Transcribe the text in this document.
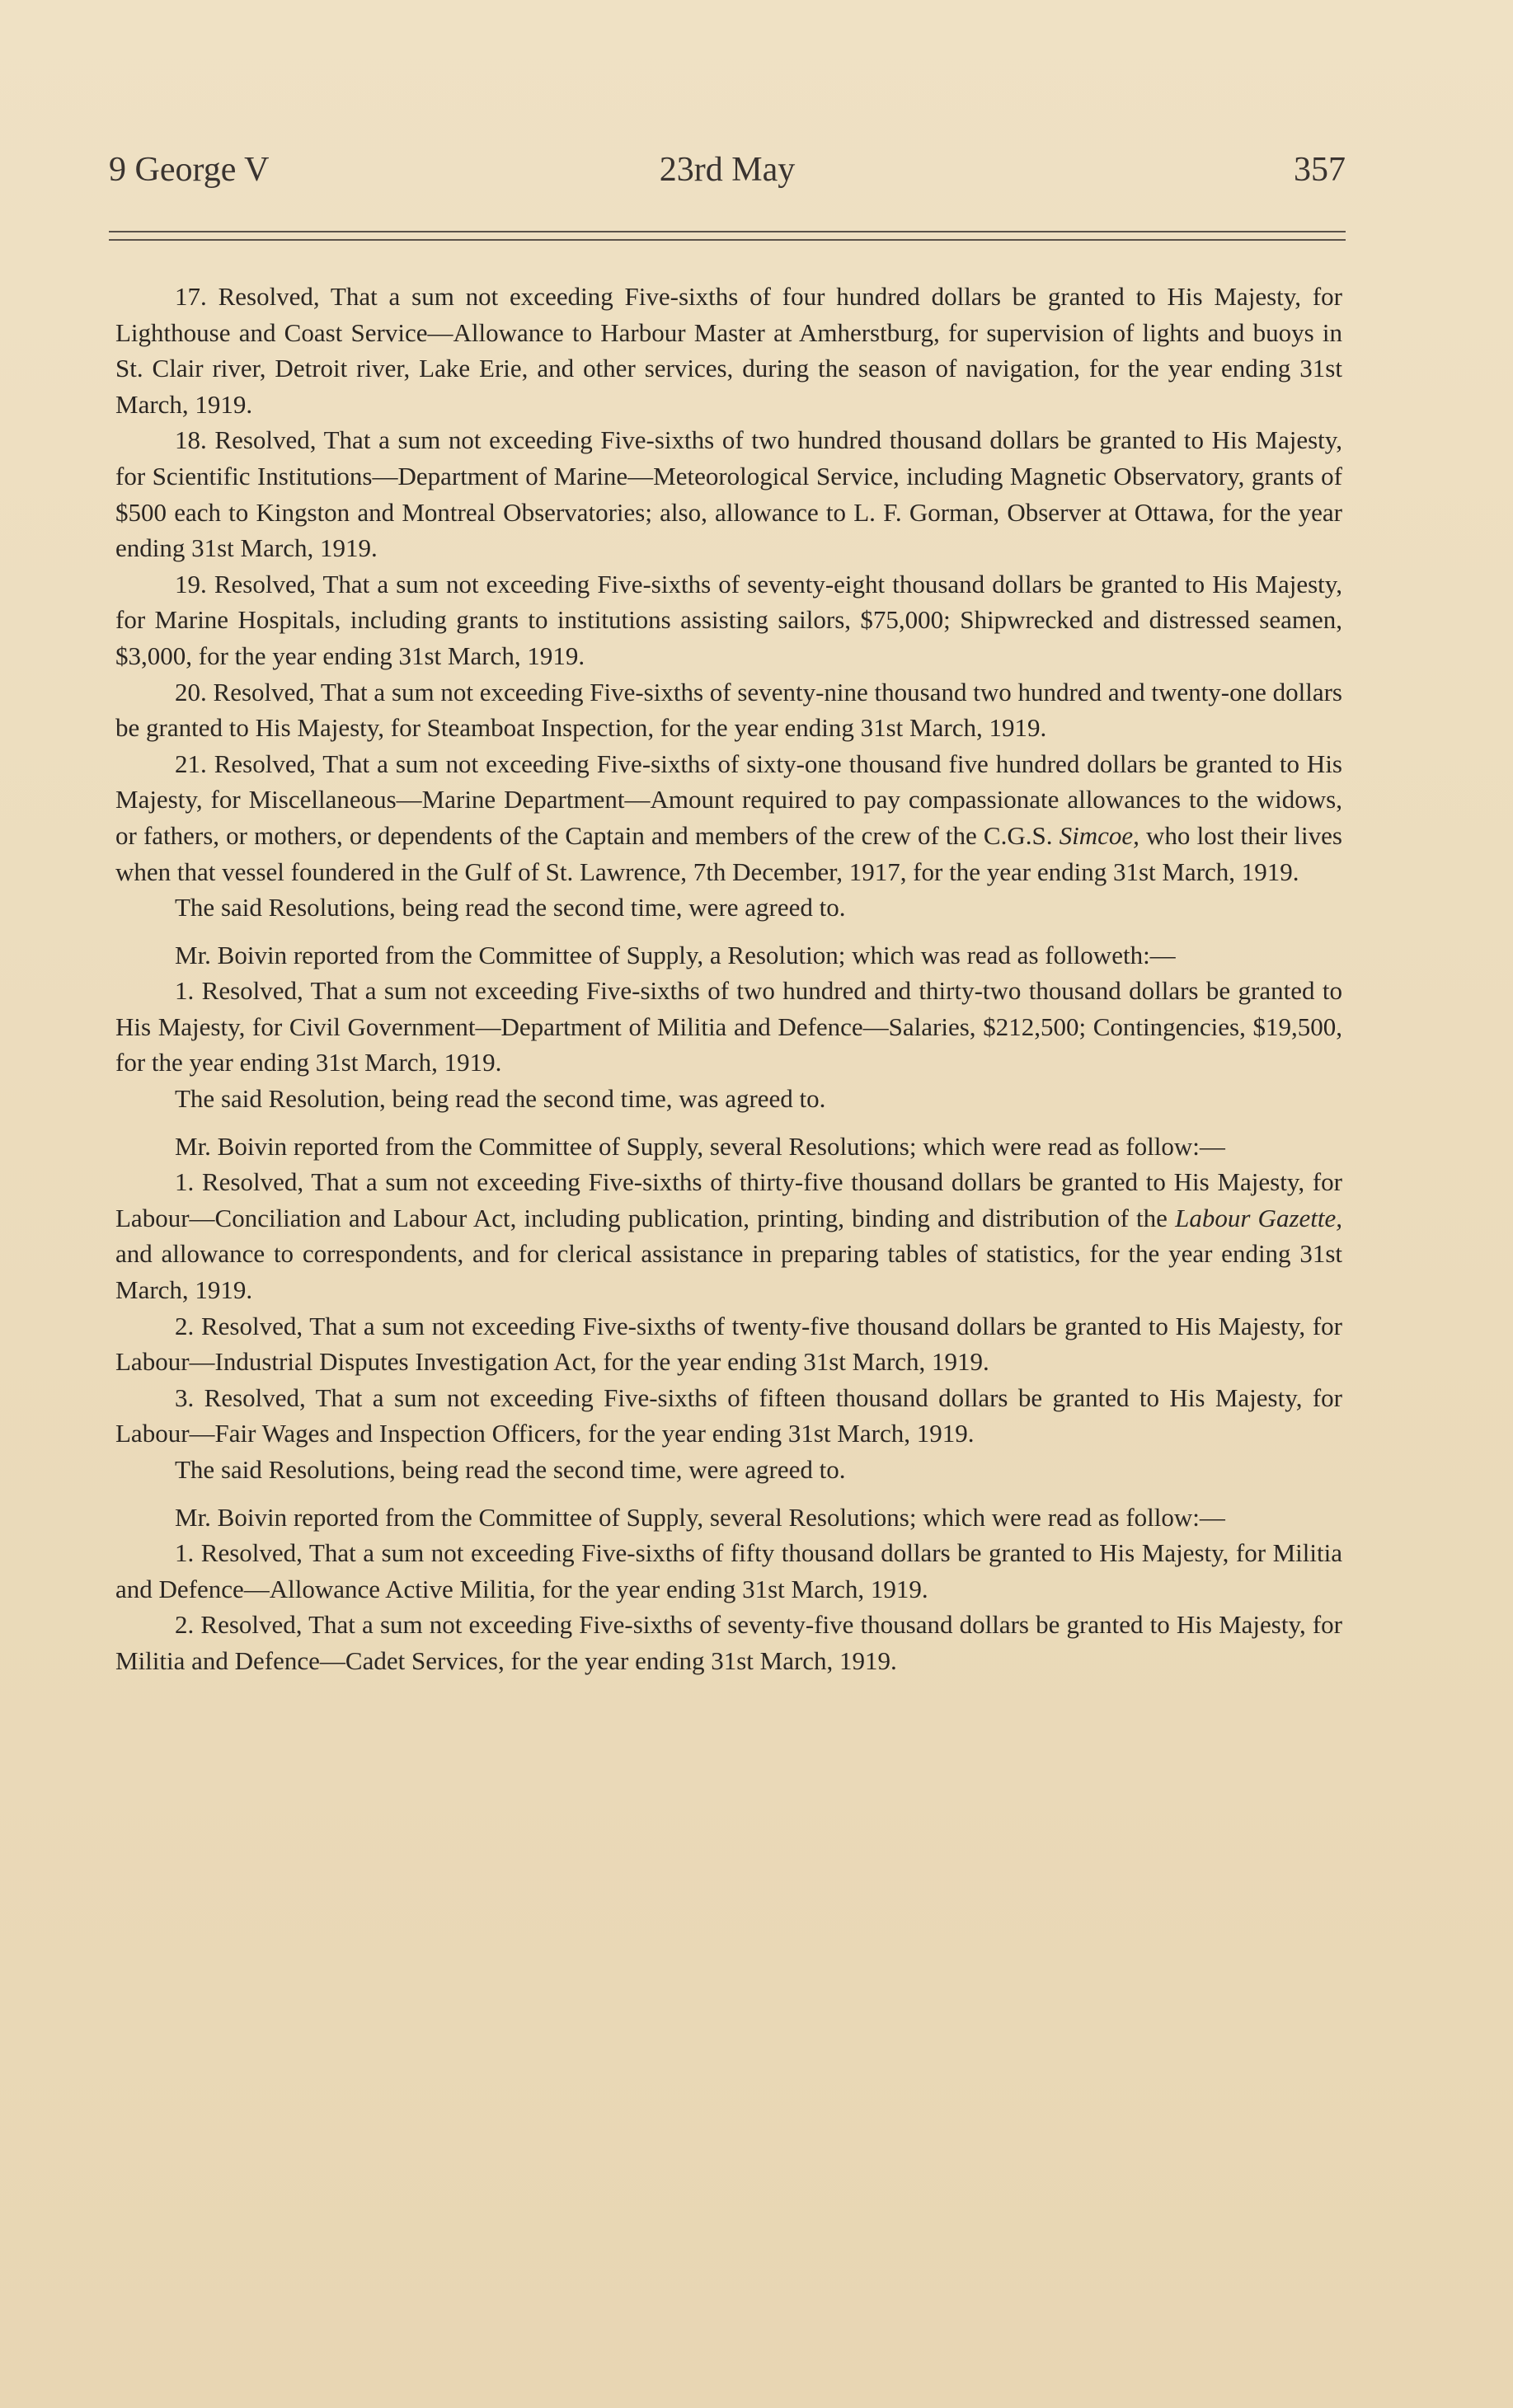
9 George V	23rd May	357

17. Resolved, That a sum not exceeding Five-sixths of four hundred dollars be granted to His Majesty, for Lighthouse and Coast Service—Allowance to Harbour Master at Amherstburg, for supervision of lights and buoys in St. Clair river, Detroit river, Lake Erie, and other services, during the season of navigation, for the year ending 31st March, 1919.

18. Resolved, That a sum not exceeding Five-sixths of two hundred thousand dollars be granted to His Majesty, for Scientific Institutions—Department of Marine—Meteorological Service, including Magnetic Observatory, grants of $500 each to Kingston and Montreal Observatories; also, allowance to L. F. Gorman, Observer at Ottawa, for the year ending 31st March, 1919.

19. Resolved, That a sum not exceeding Five-sixths of seventy-eight thousand dollars be granted to His Majesty, for Marine Hospitals, including grants to institutions assisting sailors, $75,000; Shipwrecked and distressed seamen, $3,000, for the year ending 31st March, 1919.

20. Resolved, That a sum not exceeding Five-sixths of seventy-nine thousand two hundred and twenty-one dollars be granted to His Majesty, for Steamboat Inspection, for the year ending 31st March, 1919.

21. Resolved, That a sum not exceeding Five-sixths of sixty-one thousand five hundred dollars be granted to His Majesty, for Miscellaneous—Marine Department—Amount required to pay compassionate allowances to the widows, or fathers, or mothers, or dependents of the Captain and members of the crew of the C.G.S. Simcoe, who lost their lives when that vessel foundered in the Gulf of St. Lawrence, 7th December, 1917, for the year ending 31st March, 1919.

The said Resolutions, being read the second time, were agreed to.

Mr. Boivin reported from the Committee of Supply, a Resolution; which was read as followeth:—

1. Resolved, That a sum not exceeding Five-sixths of two hundred and thirty-two thousand dollars be granted to His Majesty, for Civil Government—Department of Militia and Defence—Salaries, $212,500; Contingencies, $19,500, for the year ending 31st March, 1919.

The said Resolution, being read the second time, was agreed to.

Mr. Boivin reported from the Committee of Supply, several Resolutions; which were read as follow:—

1. Resolved, That a sum not exceeding Five-sixths of thirty-five thousand dollars be granted to His Majesty, for Labour—Conciliation and Labour Act, including publication, printing, binding and distribution of the Labour Gazette, and allowance to correspondents, and for clerical assistance in preparing tables of statistics, for the year ending 31st March, 1919.

2. Resolved, That a sum not exceeding Five-sixths of twenty-five thousand dollars be granted to His Majesty, for Labour—Industrial Disputes Investigation Act, for the year ending 31st March, 1919.

3. Resolved, That a sum not exceeding Five-sixths of fifteen thousand dollars be granted to His Majesty, for Labour—Fair Wages and Inspection Officers, for the year ending 31st March, 1919.

The said Resolutions, being read the second time, were agreed to.

Mr. Boivin reported from the Committee of Supply, several Resolutions; which were read as follow:—

1. Resolved, That a sum not exceeding Five-sixths of fifty thousand dollars be granted to His Majesty, for Militia and Defence—Allowance Active Militia, for the year ending 31st March, 1919.

2. Resolved, That a sum not exceeding Five-sixths of seventy-five thousand dollars be granted to His Majesty, for Militia and Defence—Cadet Services, for the year ending 31st March, 1919.
